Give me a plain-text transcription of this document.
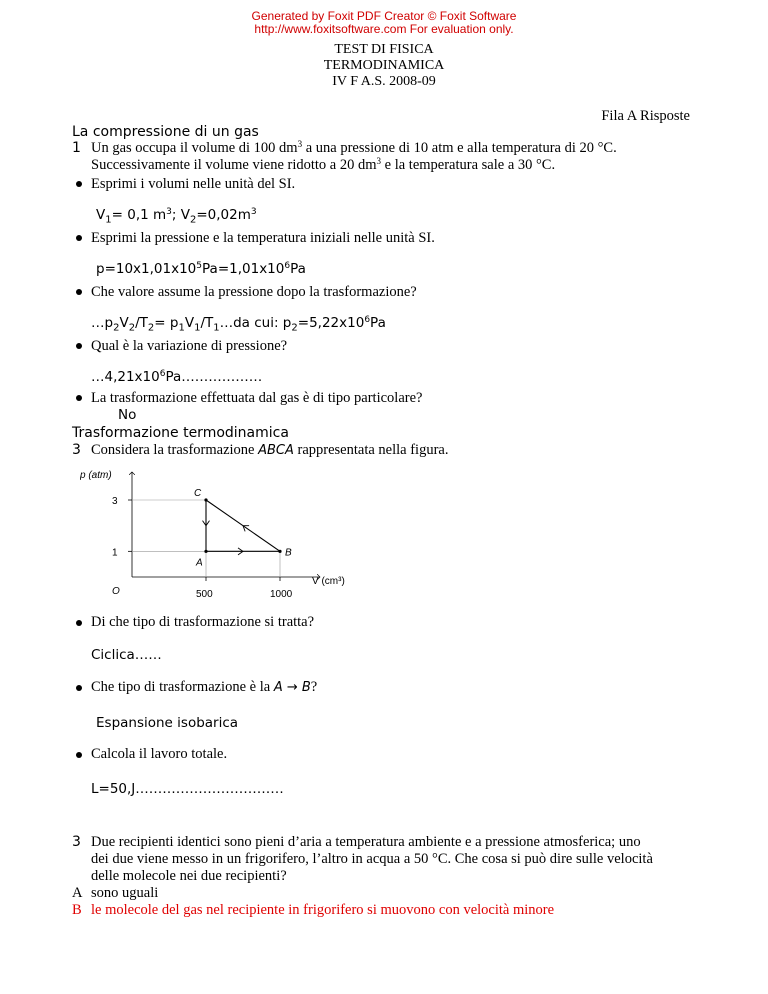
Generated by Foxit PDF Creator © Foxit Software
http://www.foxitsoftware.com For evaluation only.
TEST DI FISICA
TERMODINAMICA
IV F A.S. 2008-09
Fila A Risposte
La compressione di un gas
1 Un gas occupa il volume di 100 $dm^3$ a una pressione di 10 atm e alla temperatura di 20 °C.
Successivamente il volume viene ridotto a 20 $dm^3$ e la temperatura sale a 30 °C.
Esprimi i volumi nelle unità del SI.
$V_1= 0,1$ $m^3$; $V_2=0,02m^3$
Esprimi la pressione e la temperatura iniziali nelle unità SI.
$p=10x1,01x10^5Pa=1,01x10^6Pa$
Che valore assume la pressione dopo la trasformazione?
$\dots p_2V_2/T_2=$ $p_1V_1/T_1\dots da$ cui: $p_2=5,22x10^6Pa$
Qual è la variazione di pressione?
$\dots 4,21x10^6Pa\dots\dots\dots\dots\dots\dots$
La trasformazione effettuata dal gas è di tipo particolare?
No
Trasformazione termodinamica
3 Considera la trasformazione ABCA rappresentata nella figura.
p (atm)
V (cm³)
O
1
3
500	1000
A
B
C
Di che tipo di trasformazione si tratta?
Ciclica……
Che tipo di trasformazione è la A → B?
Espansione isobarica
Calcola il lavoro totale.
L=50,J……………………………
3 Due recipienti identici sono pieni d’aria a temperatura ambiente e a pressione atmosferica; uno
dei due viene messo in un frigorifero, l’altro in acqua a 50 °C. Che cosa si può dire sulle velocità
delle molecole nei due recipienti?
A sono uguali
B le molecole del gas nel recipiente in frigorifero si muovono con velocità minore
